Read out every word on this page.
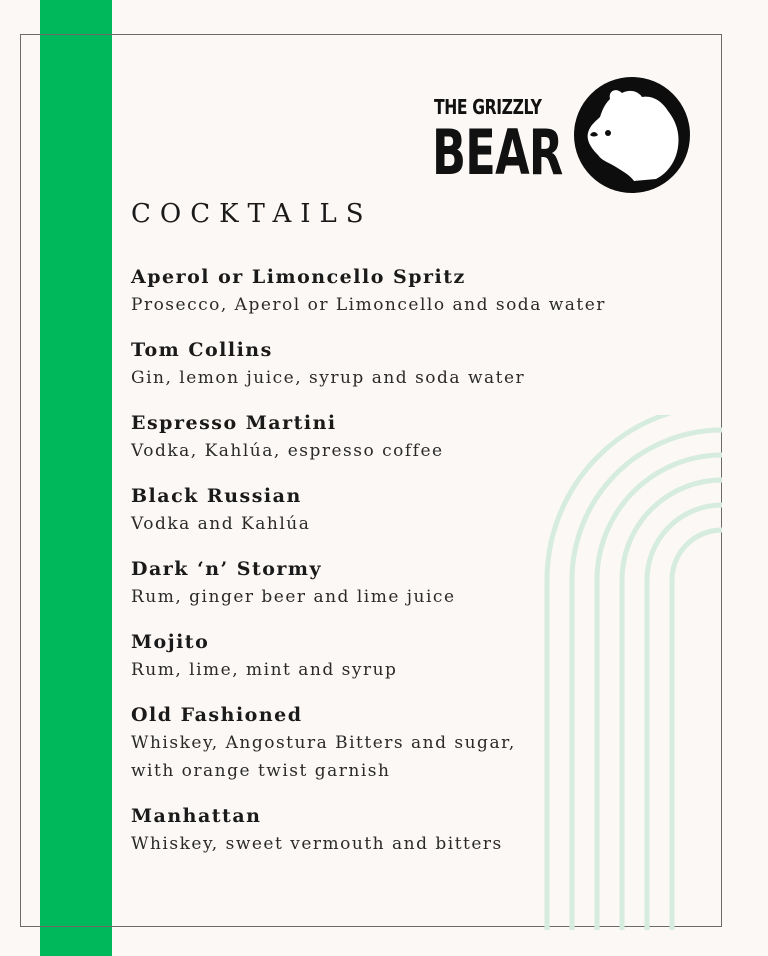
THE GRIZZLY
BEAR
COCKTAILS
Aperol or Limoncello Spritz
Prosecco, Aperol or Limoncello and soda water
Tom Collins
Gin, lemon juice, syrup and soda water
Espresso Martini
Vodka, Kahlúa, espresso coffee
Black Russian
Vodka and Kahlúa
Dark ‘n’ Stormy
Rum, ginger beer and lime juice
Mojito
Rum, lime, mint and syrup
Old Fashioned
Whiskey, Angostura Bitters and sugar,
with orange twist garnish
Manhattan
Whiskey, sweet vermouth and bitters
